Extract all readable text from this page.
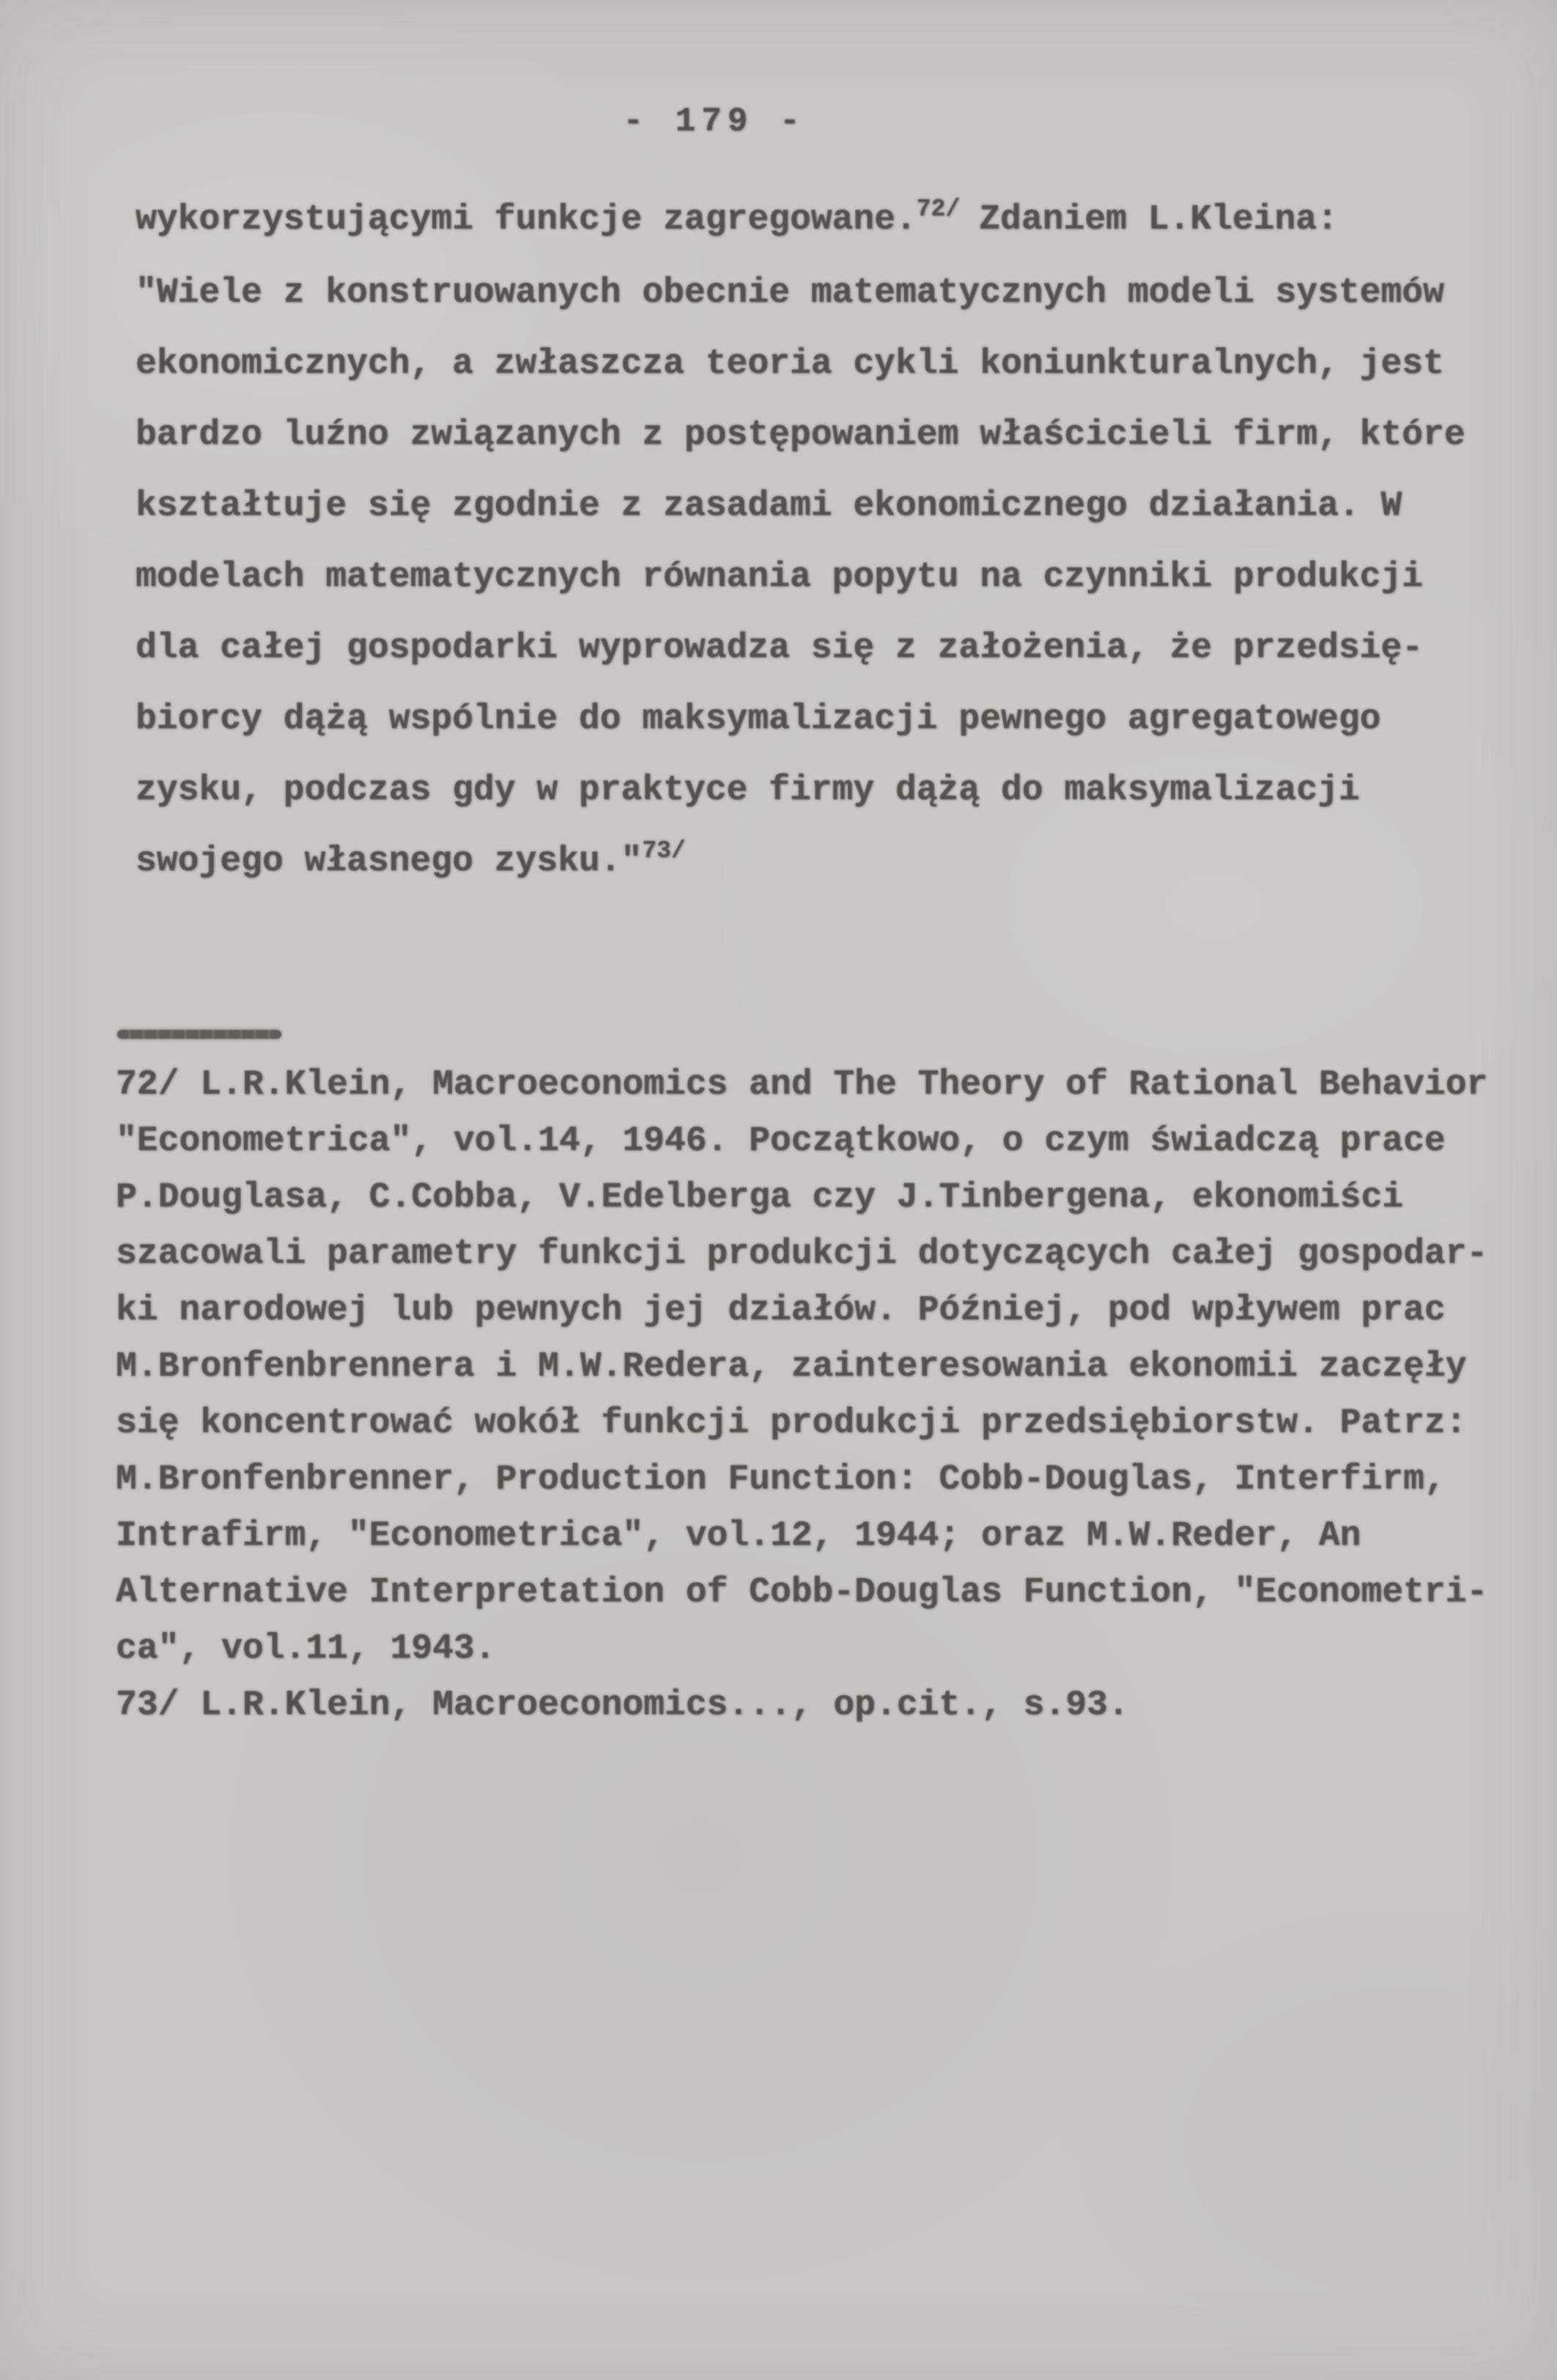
- 179 -
wykorzystującymi funkcje zagregowane.$^{72/}$ Zdaniem L.Kleina:
"Wiele z konstruowanych obecnie matematycznych modeli systemów
ekonomicznych, a zwłaszcza teoria cykli koniunkturalnych, jest
bardzo luźno związanych z postępowaniem właścicieli firm, które
kształtuje się zgodnie z zasadami ekonomicznego działania. W
modelach matematycznych równania popytu na czynniki produkcji
dla całej gospodarki wyprowadza się z założenia, że przedsię-
biorcy dążą wspólnie do maksymalizacji pewnego agregatowego
zysku, podczas gdy w praktyce firmy dążą do maksymalizacji
swojego własnego zysku."$^{73/}$
72/ L.R.Klein, Macroeconomics and The Theory of Rational Behavior
"Econometrica", vol.14, 1946. Początkowo, o czym świadczą prace
P.Douglasa, C.Cobba, V.Edelberga czy J.Tinbergena, ekonomiści
szacowali parametry funkcji produkcji dotyczących całej gospodar-
ki narodowej lub pewnych jej działów. Później, pod wpływem prac
M.Bronfenbrennera i M.W.Redera, zainteresowania ekonomii zaczęły
się koncentrować wokół funkcji produkcji przedsiębiorstw. Patrz:
M.Bronfenbrenner, Production Function: Cobb-Douglas, Interfirm,
Intrafirm, "Econometrica", vol.12, 1944; oraz M.W.Reder, An
Alternative Interpretation of Cobb-Douglas Function, "Econometri-
ca", vol.11, 1943.
73/ L.R.Klein, Macroeconomics..., op.cit., s.93.
